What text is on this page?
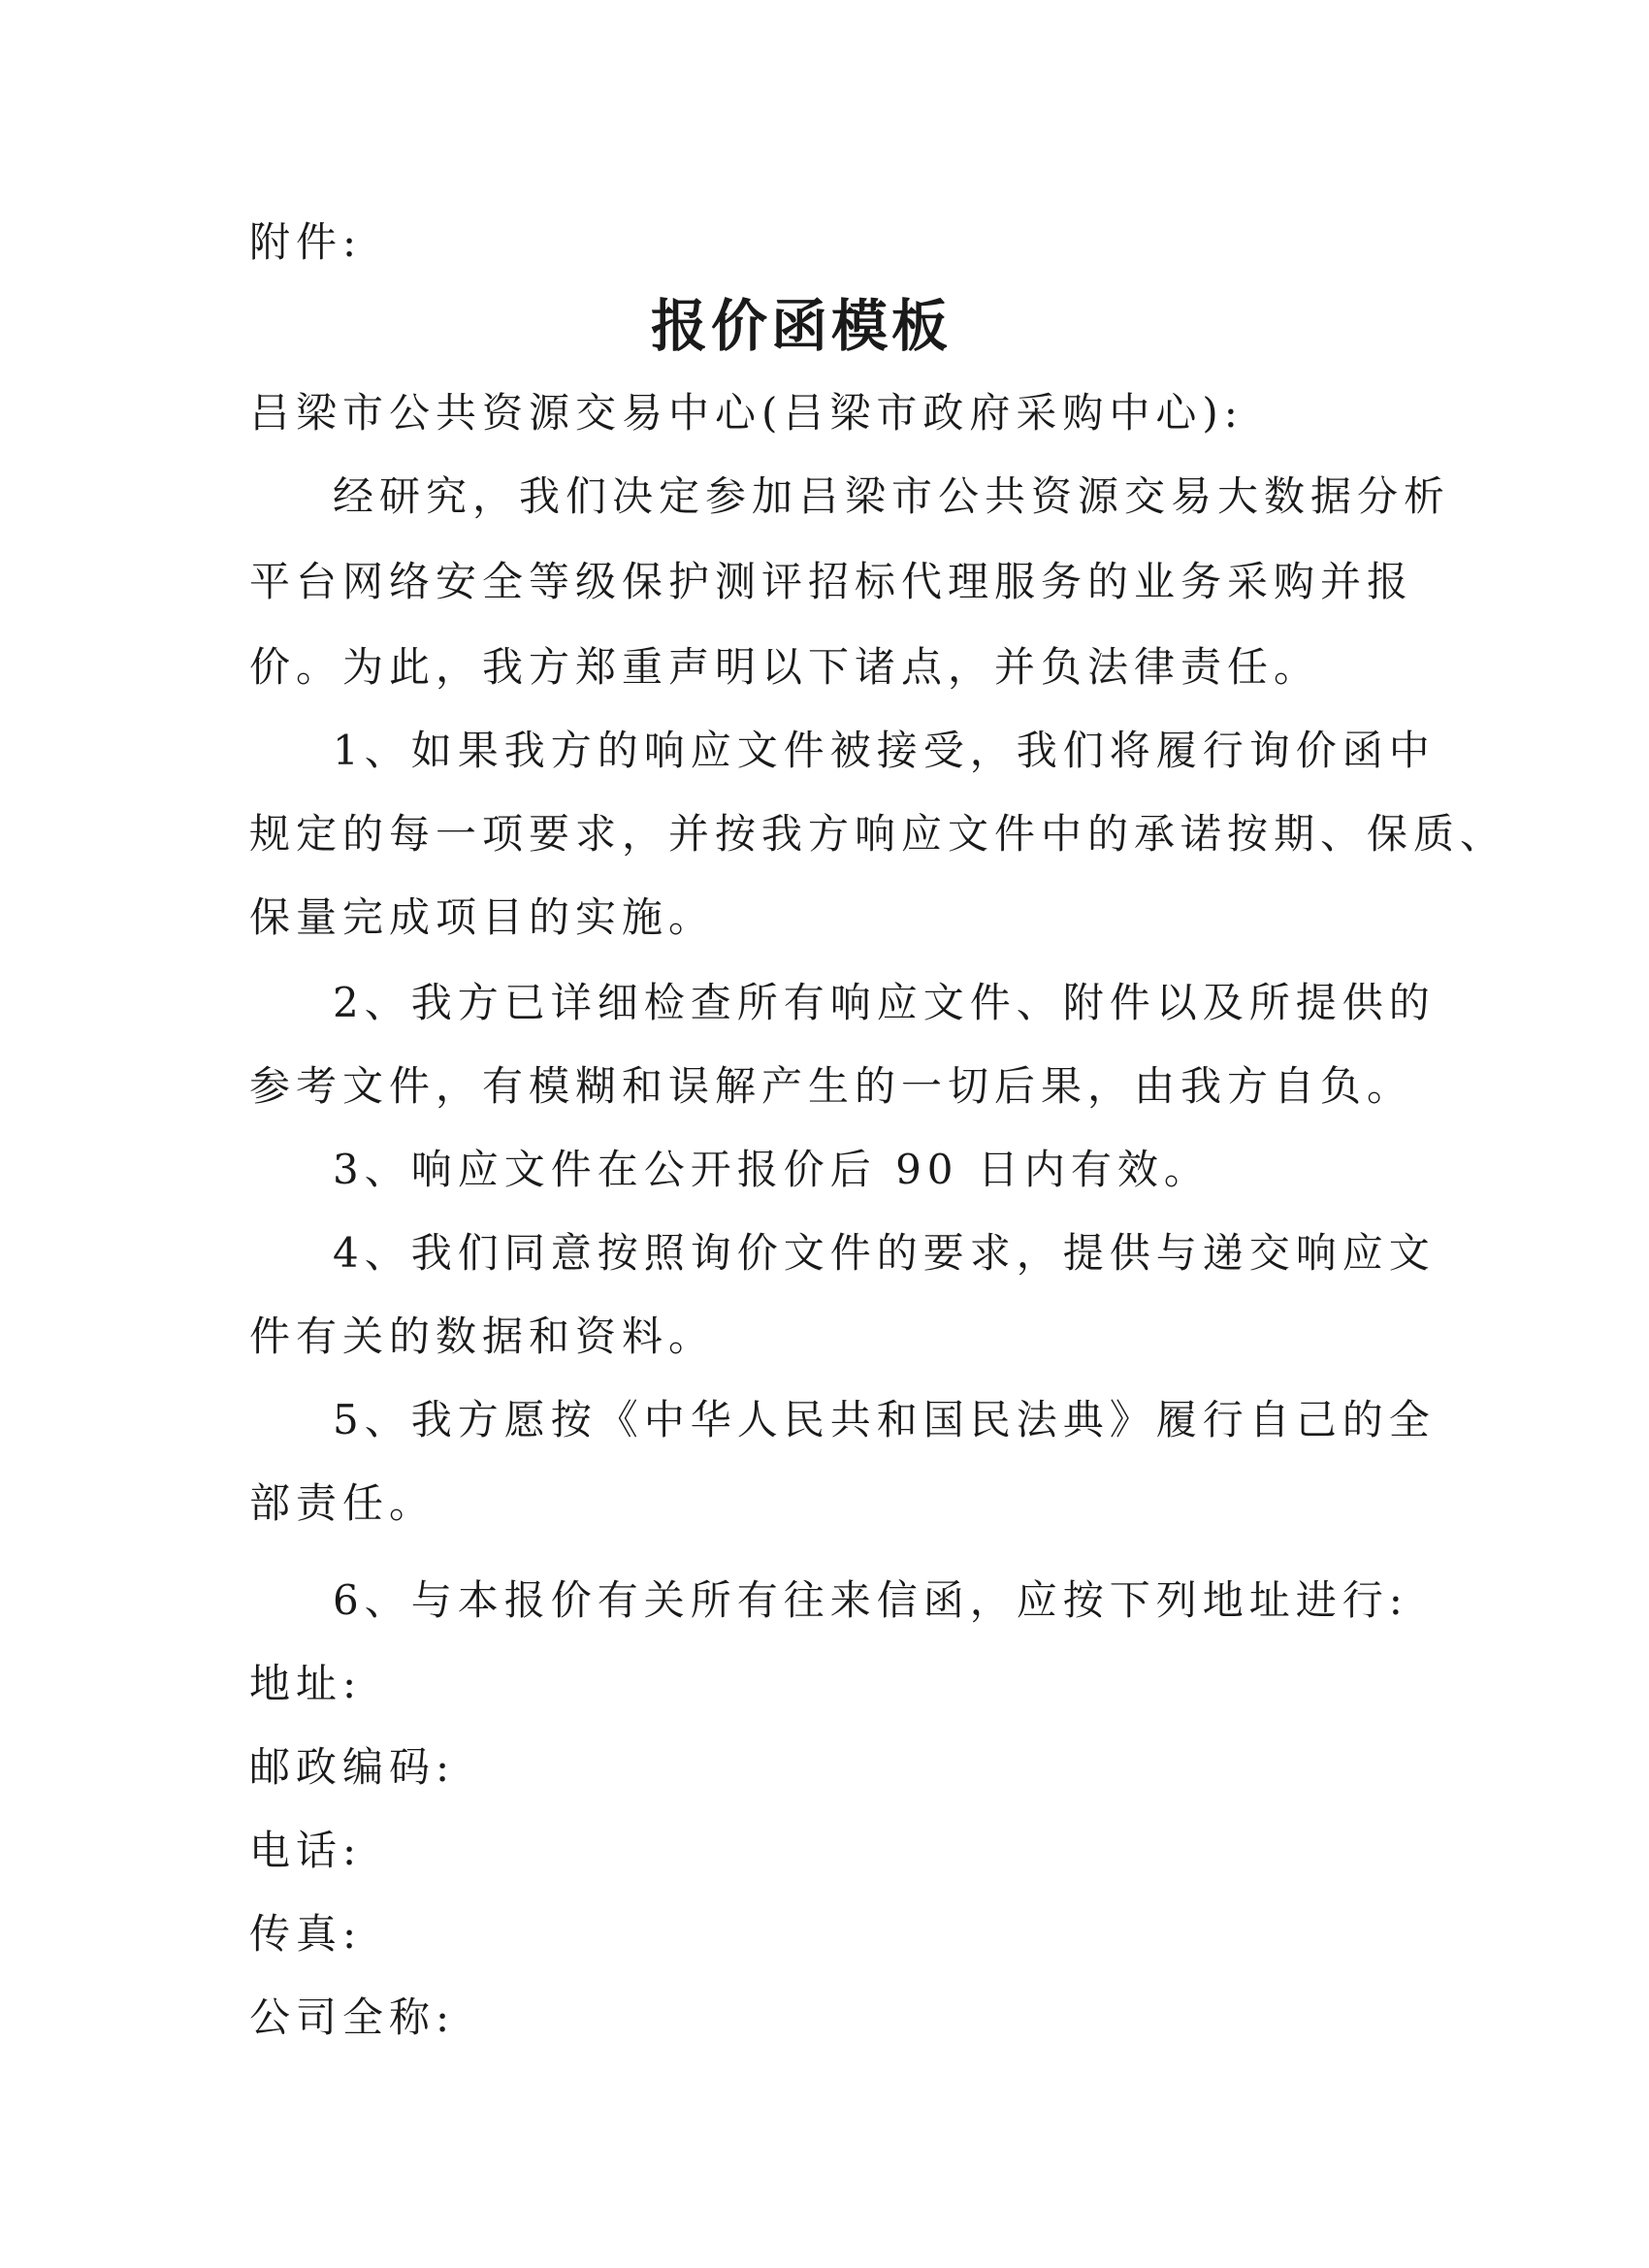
附件:
报价函模板
吕梁市公共资源交易中心(吕梁市政府采购中心):
经研究，我们决定参加吕梁市公共资源交易大数据分析
平台网络安全等级保护测评招标代理服务的业务采购并报
价。为此，我方郑重声明以下诸点，并负法律责任。
1、如果我方的响应文件被接受，我们将履行询价函中
规定的每一项要求，并按我方响应文件中的承诺按期、保质、
保量完成项目的实施。
2、我方已详细检查所有响应文件、附件以及所提供的
参考文件，有模糊和误解产生的一切后果，由我方自负。
3、响应文件在公开报价后 90 日内有效。
4、我们同意按照询价文件的要求，提供与递交响应文
件有关的数据和资料。
5、我方愿按《中华人民共和国民法典》履行自己的全
部责任。
6、与本报价有关所有往来信函，应按下列地址进行:
地址:
邮政编码:
电话:
传真:
公司全称:
